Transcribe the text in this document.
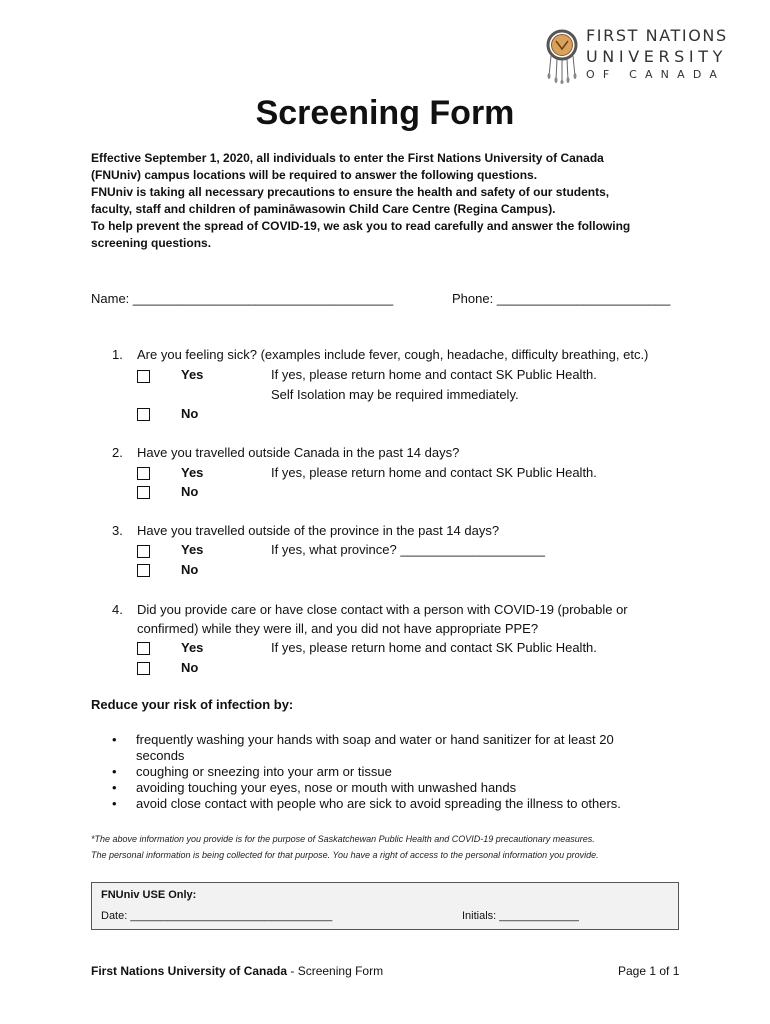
FIRST NATIONS
UNIVERSITY
OF CANADA
Screening Form
Effective September 1, 2020, all individuals to enter the First Nations University of Canada
(FNUniv) campus locations will be required to answer the following questions.
FNUniv is taking all necessary precautions to ensure the health and safety of our students,
faculty, staff and children of pamināwasowin Child Care Centre (Regina Campus).
To help prevent the spread of COVID-19, we ask you to read carefully and answer the following
screening questions.
Name: ____________________________________	Phone: ________________________
1. Are you feeling sick? (examples include fever, cough, headache, difficulty breathing, etc.)
Yes	If yes, please return home and contact SK Public Health.
Self Isolation may be required immediately.
No
2. Have you travelled outside Canada in the past 14 days?
Yes	If yes, please return home and contact SK Public Health.
No
3. Have you travelled outside of the province in the past 14 days?
Yes	If yes, what province? ____________________
No
4. Did you provide care or have close contact with a person with COVID-19 (probable or
confirmed) while they were ill, and you did not have appropriate PPE?
Yes	If yes, please return home and contact SK Public Health.
No
Reduce your risk of infection by:
• frequently washing your hands with soap and water or hand sanitizer for at least 20 seconds
• coughing or sneezing into your arm or tissue
• avoiding touching your eyes, nose or mouth with unwashed hands
• avoid close contact with people who are sick to avoid spreading the illness to others.
*The above information you provide is for the purpose of Saskatchewan Public Health and COVID-19 precautionary measures.
The personal information is being collected for that purpose. You have a right of access to the personal information you provide.
FNUniv USE Only:
Date: _________________________________	Initials: _____________
First Nations University of Canada - Screening Form	Page 1 of 1
